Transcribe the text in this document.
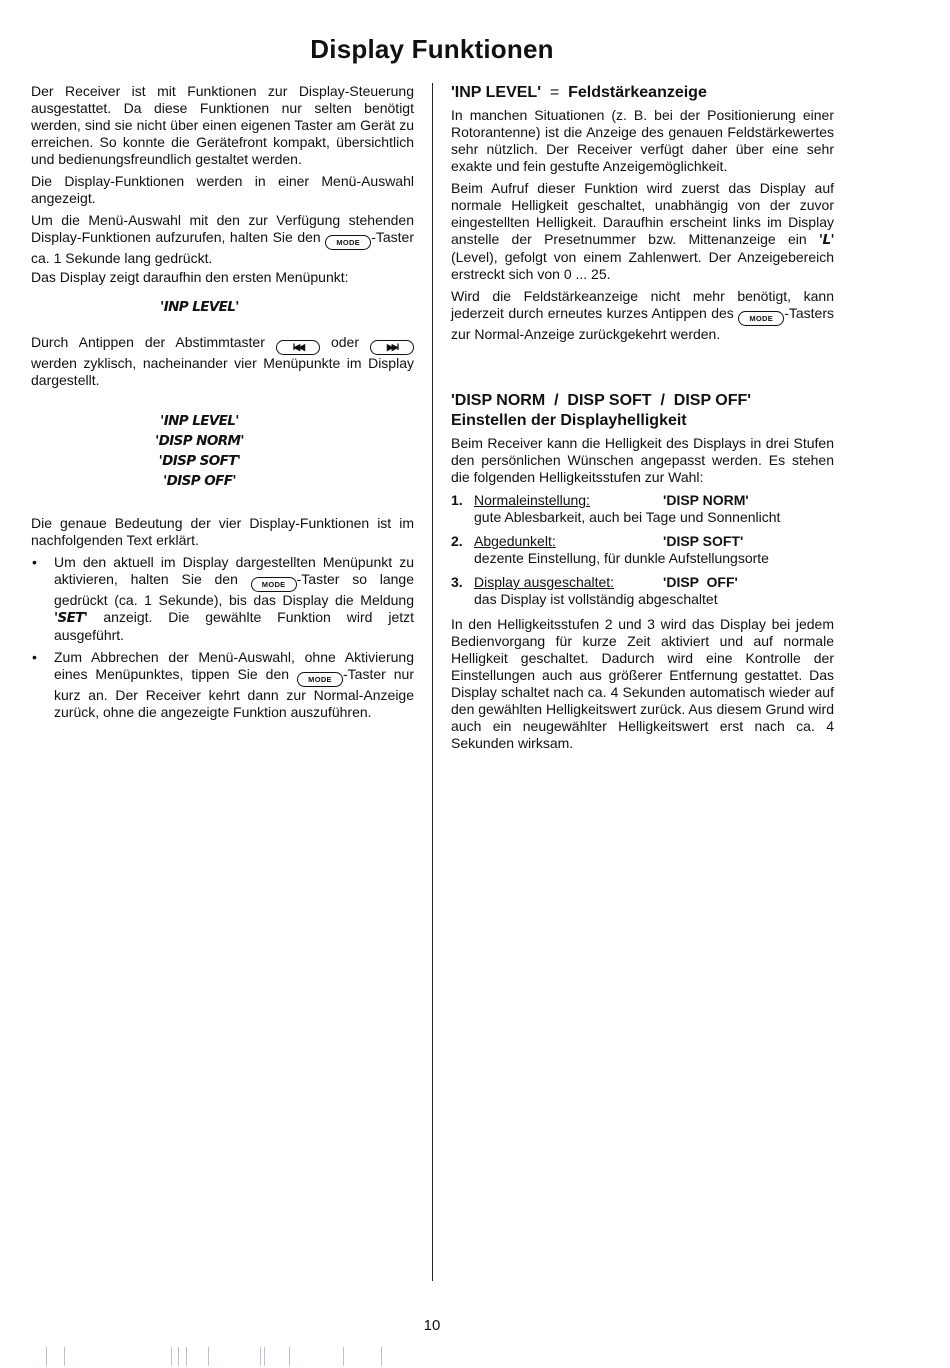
Display Funktionen

Der Receiver ist mit Funktionen zur Display-Steuerung ausgestattet. Da diese Funktionen nur selten benötigt werden, sind sie nicht über einen eigenen Taster am Gerät zu erreichen. So konnte die Gerätefront kompakt, übersichtlich und bedienungsfreundlich gestaltet werden.

Die Display-Funktionen werden in einer Menü-Auswahl angezeigt.

Um die Menü-Auswahl mit den zur Verfügung stehenden Display-Funktionen aufzurufen, halten Sie den MODE -Taster ca. 1 Sekunde lang gedrückt.

Das Display zeigt daraufhin den ersten Menüpunkt:

'INP LEVEL'

Durch Antippen der Abstimmtaster	I◀◀ oder	▶▶I werden zyklisch, nacheinander vier Menüpunkte im Display dargestellt.

'INP LEVEL'
'DISP NORM'
'DISP SOFT'
'DISP OFF'

Die genaue Bedeutung der vier Display-Funktionen ist im nachfolgenden Text erklärt.

• Um den aktuell im Display dargestellten Menüpunkt zu aktivieren, halten Sie den	MODE -Taster so lange gedrückt (ca. 1 Sekunde), bis das Display die Meldung 'SET' anzeigt. Die gewählte Funktion wird jetzt ausgeführt.
• Zum Abbrechen der Menü-Auswahl, ohne Aktivierung eines Menüpunktes, tippen Sie den	MODE -Taster nur kurz an. Der Receiver kehrt dann zur Normal-Anzeige zurück, ohne die angezeigte Funktion auszuführen.
'INP LEVEL' = Feldstärkeanzeige

In manchen Situationen (z. B. bei der Positionierung einer Rotorantenne) ist die Anzeige des genauen Feldstärkewertes sehr nützlich. Der Receiver verfügt daher über eine sehr exakte und fein gestufte Anzeigemöglichkeit.

Beim Aufruf dieser Funktion wird zuerst das Display auf normale Helligkeit geschaltet, unabhängig von der zuvor eingestellten Helligkeit. Daraufhin erscheint links im Display anstelle der Presetnummer bzw. Mittenanzeige ein 'L' (Level), gefolgt von einem Zahlenwert. Der Anzeigebereich erstreckt sich von 0 ... 25.

Wird die Feldstärkeanzeige nicht mehr benötigt, kann jederzeit durch erneutes kurzes Antippen des MODE -Tasters zur Normal-Anzeige zurückgekehrt werden.

'DISP NORM  /  DISP SOFT  /  DISP OFF'
Einstellen der Displayhelligkeit

Beim Receiver kann die Helligkeit des Displays in drei Stufen den persönlichen Wünschen angepasst werden. Es stehen die folgenden Helligkeitsstufen zur Wahl:

1. Normaleinstellung:	'DISP NORM'
gute Ablesbarkeit, auch bei Tage und Sonnenlicht
2. Abgedunkelt:	'DISP SOFT'
dezente Einstellung, für dunkle Aufstellungsorte
3. Display ausgeschaltet:	'DISP  OFF'
das Display ist vollständig abgeschaltet

In den Helligkeitsstufen 2 und 3 wird das Display bei jedem Bedienvorgang für kurze Zeit aktiviert und auf normale Helligkeit geschaltet. Dadurch wird eine Kontrolle der Einstellungen auch aus größerer Entfernung gestattet. Das Display schaltet nach ca. 4 Sekunden automatisch wieder auf den gewählten Helligkeitswert zurück. Aus diesem Grund wird auch ein neugewählter Helligkeitswert erst nach ca. 4 Sekunden wirksam.

10
